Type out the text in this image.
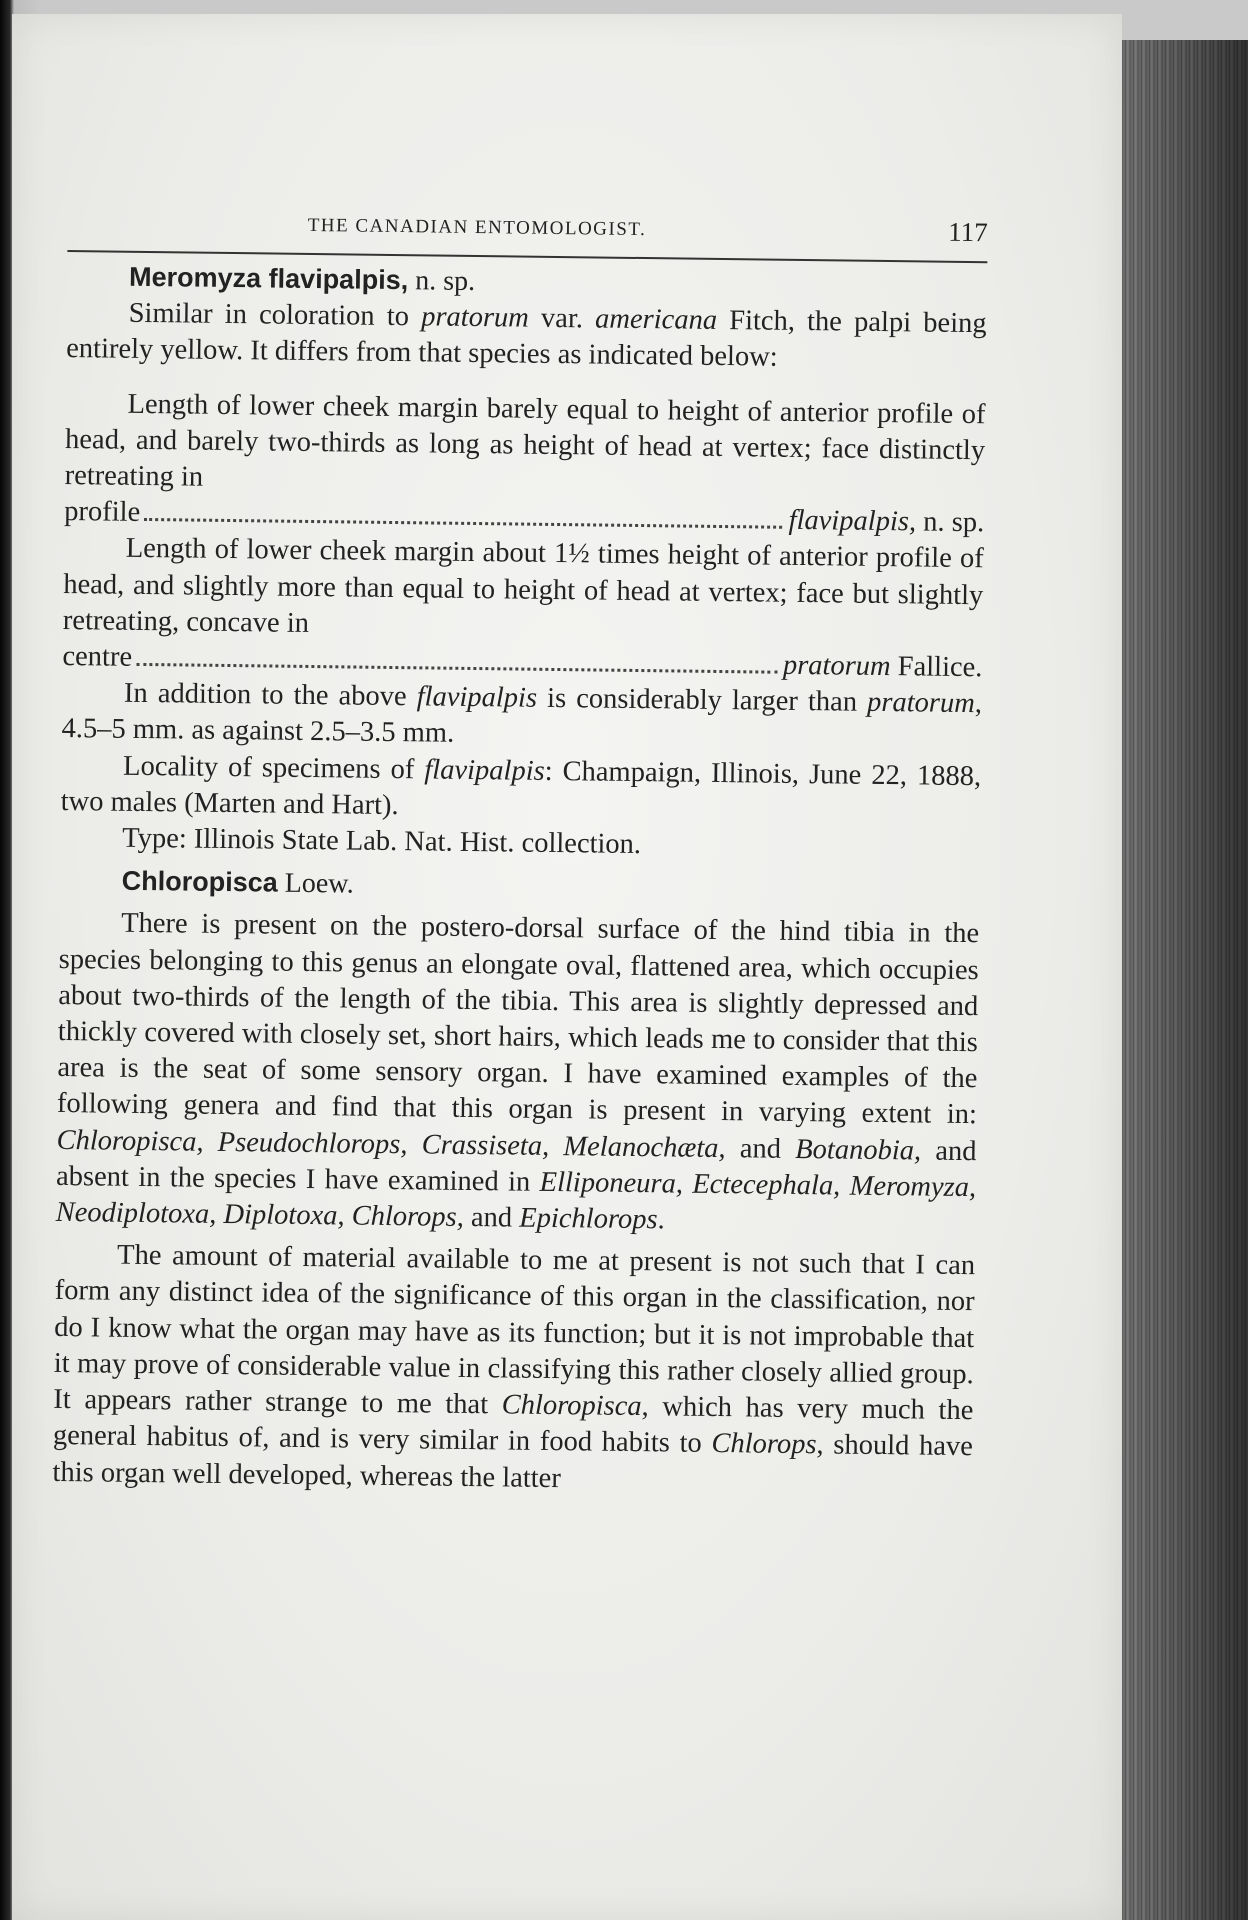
THE CANADIAN ENTOMOLOGIST.	117

Meromyza flavipalpis, n. sp.

Similar in coloration to pratorum var. americana Fitch, the palpi being entirely yellow. It differs from that species as indicated below:

Length of lower cheek margin barely equal to height of anterior profile of head, and barely two-thirds as long as height of head at vertex; face distinctly retreating in

profile	flavipalpis, n. sp.

Length of lower cheek margin about 1½ times height of anterior profile of head, and slightly more than equal to height of head at vertex; face but slightly retreating, concave in

centre	pratorum Fallice.

In addition to the above flavipalpis is considerably larger than pratorum, 4.5–5 mm. as against 2.5–3.5 mm.

Locality of specimens of flavipalpis: Champaign, Illinois, June 22, 1888, two males (Marten and Hart).

Type: Illinois State Lab. Nat. Hist. collection.

Chloropisca Loew.

There is present on the postero-dorsal surface of the hind tibia in the species belonging to this genus an elongate oval, flattened area, which occupies about two-thirds of the length of the tibia. This area is slightly depressed and thickly covered with closely set, short hairs, which leads me to consider that this area is the seat of some sensory organ. I have examined examples of the following genera and find that this organ is present in varying extent in: Chloropisca, Pseudochlorops, Crassiseta, Melanochæta, and Botanobia, and absent in the species I have examined in Elliponeura, Ectecephala, Meromyza, Neodiplotoxa, Diplotoxa, Chlorops, and Epichlorops.

The amount of material available to me at present is not such that I can form any distinct idea of the significance of this organ in the classification, nor do I know what the organ may have as its function; but it is not improbable that it may prove of considerable value in classifying this rather closely allied group. It appears rather strange to me that Chloropisca, which has very much the general habitus of, and is very similar in food habits to Chlorops, should have this organ well developed, whereas the latter
